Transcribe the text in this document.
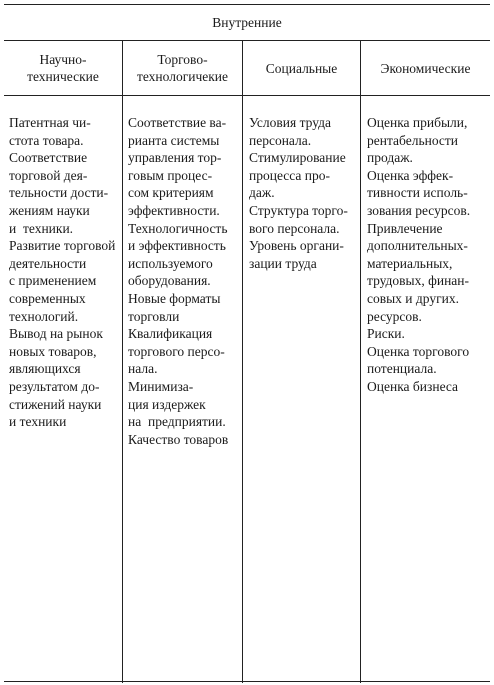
Внутренние
Научно-
технические
Патентная чи-
стота товара.
Соответствие
торговой дея-
тельности дости-
жениям науки
и  техники.
Развитие торговой
деятельности
с применением
современных
технологий.
Вывод на рынок
новых товаров,
являющихся
результатом до-
стижений науки
и техники
Торгово-
технологичекие
Соответствие ва-
рианта системы
управления тор-
говым процес-
сом критериям
эффективности.
Технологичность
и эффективность
используемого
оборудования.
Новые форматы
торговли
Квалификация
торгового персо-
нала.
Минимиза-
ция издержек
на  предприятии.
Качество товаров
Социальные
Условия труда
персонала.
Стимулирование
процесса про-
даж.
Структура торго-
вого персонала.
Уровень органи-
зации труда
Экономические
Оценка прибыли,
рентабельности
продаж.
Оценка эффек-
тивности исполь-
зования ресурсов.
Привлечение
дополнительных-
материальных,
трудовых, финан-
совых и других.
ресурсов.
Риски.
Оценка торгового
потенциала.
Оценка бизнеса
